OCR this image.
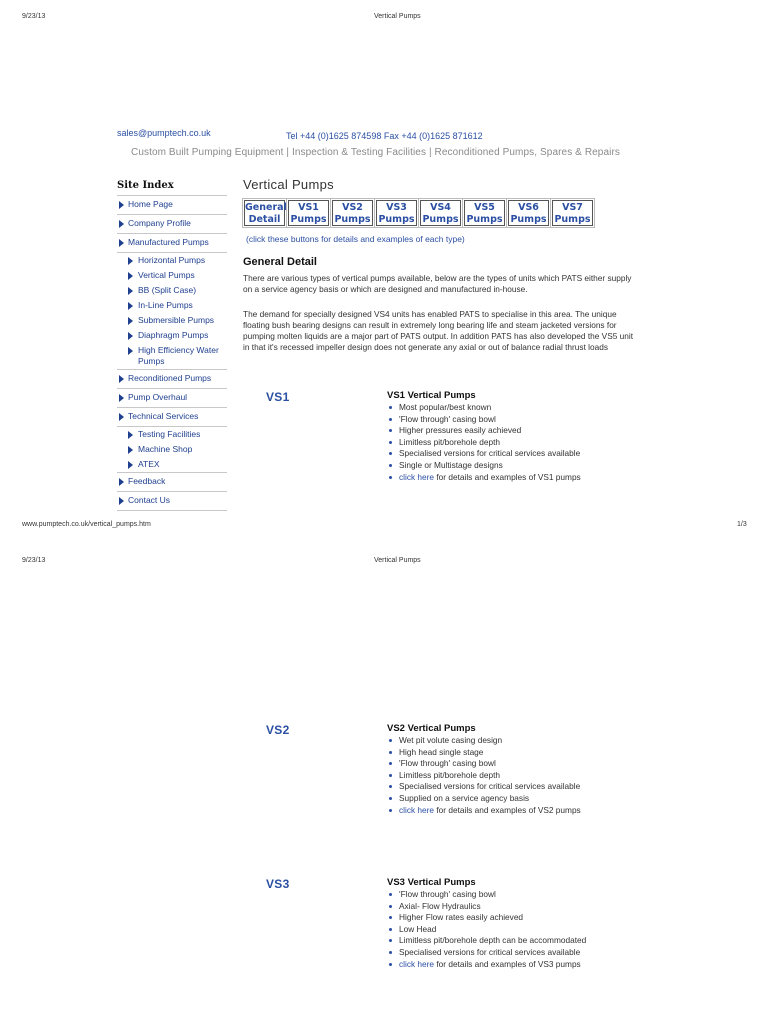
9/23/13	Vertical Pumps
sales@pumptech.co.uk	Tel +44 (0)1625 874598 Fax +44 (0)1625 871612
Custom Built Pumping Equipment | Inspection & Testing Facilities | Reconditioned Pumps, Spares & Repairs
Site Index
Home Page
Company Profile
Manufactured Pumps
Horizontal Pumps
Vertical Pumps
BB (Split Case)
In-Line Pumps
Submersible Pumps
Diaphragm Pumps
High Efficiency Water Pumps
Reconditioned Pumps
Pump Overhaul
Technical Services
Testing Facilities
Machine Shop
ATEX
Feedback
Contact Us
Vertical Pumps
General
Detail
VS1
Pumps
VS2
Pumps
VS3
Pumps
VS4
Pumps
VS5
Pumps
VS6
Pumps
VS7
Pumps
(click these buttons for details and examples of each type)
General Detail
There are various types of vertical pumps available, below are the types of units which PATS either supply on a service agency basis or which are designed and manufactured in-house.
The demand for specially designed VS4 units has enabled PATS to specialise in this area. The unique floating bush bearing designs can result in extremely long bearing life and steam jacketed versions for pumping molten liquids are a major part of PATS output. In addition PATS has also developed the VS5 unit in that it's recessed impeller design does not generate any axial or out of balance radial thrust loads
VS1	VS1 Vertical Pumps
Most popular/best known
'Flow through' casing bowl
Higher pressures easily achieved
Limitless pit/borehole depth
Specialised versions for critical services available
Single or Multistage designs
click here for details and examples of VS1 pumps
www.pumptech.co.uk/vertical_pumps.htm	1/3
9/23/13	Vertical Pumps
VS2	VS2 Vertical Pumps
Wet pit volute casing design
High head single stage
'Flow through' casing bowl
Limitless pit/borehole depth
Specialised versions for critical services available
Supplied on a service agency basis
click here for details and examples of VS2 pumps
VS3	VS3 Vertical Pumps
'Flow through' casing bowl
Axial- Flow Hydraulics
Higher Flow rates easily achieved
Low Head
Limitless pit/borehole depth can be accommodated
Specialised versions for critical services available
click here for details and examples of VS3 pumps
